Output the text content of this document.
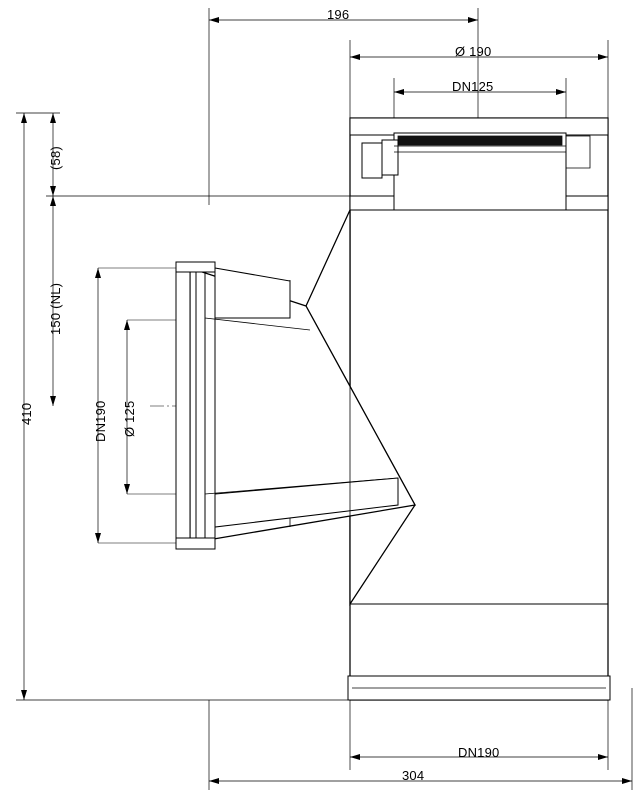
196
Ø 190
DN125
(58)
150 (NL)
410	DN190 Ø 125
DN190
304
